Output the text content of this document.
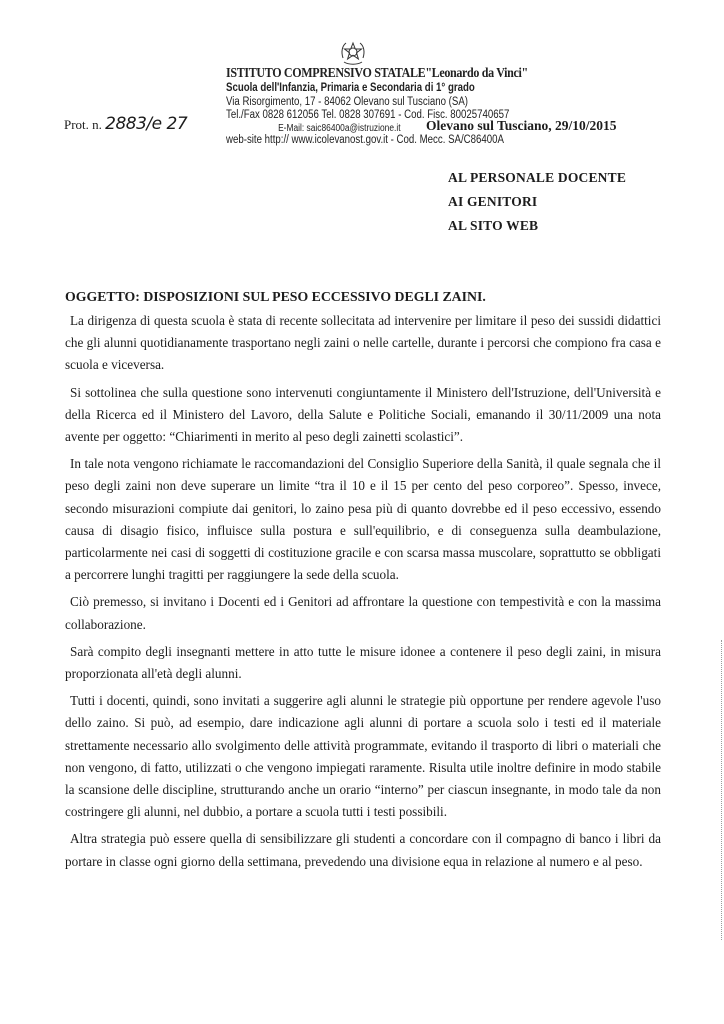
ISTITUTO COMPRENSIVO STATALE"Leonardo da Vinci"
Scuola dell'Infanzia, Primaria e Secondaria di 1° grado
Via Risorgimento, 17 - 84062 Olevano sul Tusciano (SA)
Tel./Fax 0828 612056 Tel. 0828 307691 - Cod. Fisc. 80025740657
E-Mail: saic86400a@istruzione.it
web-site http:// www.icolevanost.gov.it - Cod. Mecc. SA/C86400A
Prot. n. 2883/e 27	Olevano sul Tusciano, 29/10/2015
AL PERSONALE DOCENTE
AI GENITORI
AL SITO WEB
OGGETTO: DISPOSIZIONI SUL PESO ECCESSIVO DEGLI ZAINI.

La dirigenza di questa scuola è stata di recente sollecitata ad intervenire per limitare il peso dei sussidi didattici che gli alunni quotidianamente trasportano negli zaini o nelle cartelle, durante i percorsi che compiono fra casa e scuola e viceversa.

Si sottolinea che sulla questione sono intervenuti congiuntamente il Ministero dell'Istruzione, dell'Università e della Ricerca ed il Ministero del Lavoro, della Salute e Politiche Sociali, emanando il 30/11/2009 una nota avente per oggetto: “Chiarimenti in merito al peso degli zainetti scolastici”.

In tale nota vengono richiamate le raccomandazioni del Consiglio Superiore della Sanità, il quale segnala che il peso degli zaini non deve superare un limite “tra il 10 e il 15 per cento del peso corporeo”. Spesso, invece, secondo misurazioni compiute dai genitori, lo zaino pesa più di quanto dovrebbe ed il peso eccessivo, essendo causa di disagio fisico, influisce sulla postura e sull'equilibrio, e di conseguenza sulla deambulazione, particolarmente nei casi di soggetti di costituzione gracile e con scarsa massa muscolare, soprattutto se obbligati a percorrere lunghi tragitti per raggiungere la sede della scuola.

Ciò premesso, si invitano i Docenti ed i Genitori ad affrontare la questione con tempestività e con la massima collaborazione.

Sarà compito degli insegnanti mettere in atto tutte le misure idonee a contenere il peso degli zaini, in misura proporzionata all'età degli alunni.

Tutti i docenti, quindi, sono invitati a suggerire agli alunni le strategie più opportune per rendere agevole l'uso dello zaino. Si può, ad esempio, dare indicazione agli alunni di portare a scuola solo i testi ed il materiale strettamente necessario allo svolgimento delle attività programmate, evitando il trasporto di libri o materiali che non vengono, di fatto, utilizzati o che vengono impiegati raramente. Risulta utile inoltre definire in modo stabile la scansione delle discipline, strutturando anche un orario “interno” per ciascun insegnante, in modo tale da non costringere gli alunni, nel dubbio, a portare a scuola tutti i testi possibili.

Altra strategia può essere quella di sensibilizzare gli studenti a concordare con il compagno di banco i libri da portare in classe ogni giorno della settimana, prevedendo una divisione equa in relazione al numero e al peso.
